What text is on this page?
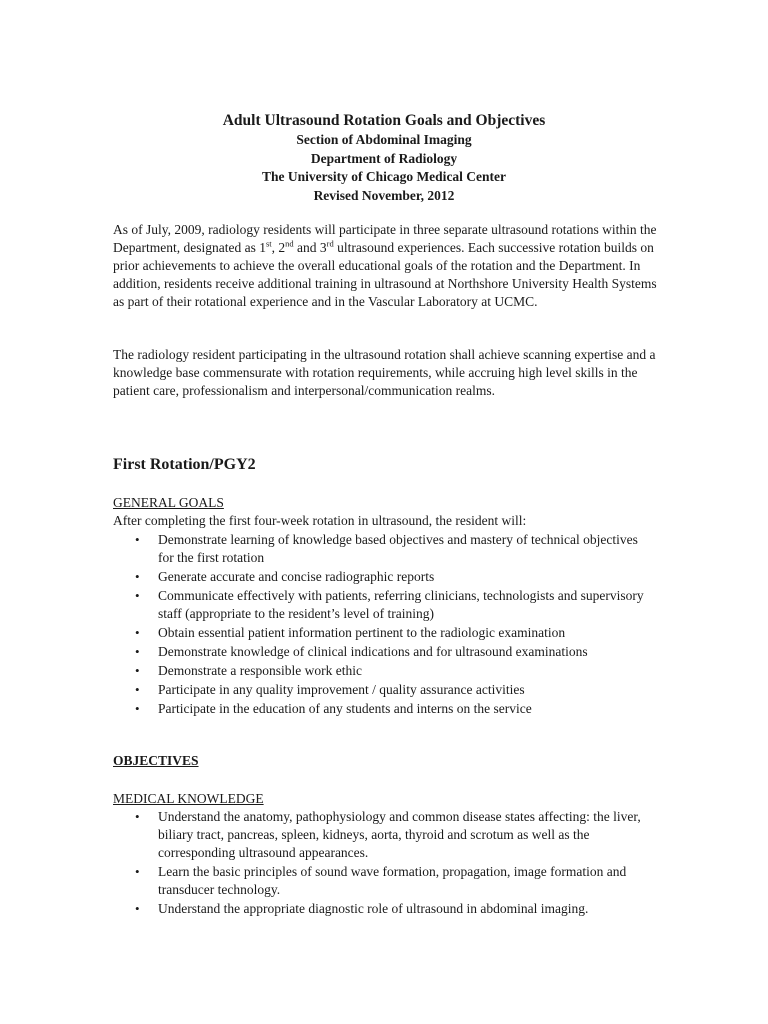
Adult Ultrasound Rotation Goals and Objectives

Section of Abdominal Imaging

Department of Radiology

The University of Chicago Medical Center

Revised November, 2012

As of July, 2009, radiology residents will participate in three separate ultrasound rotations within the Department, designated as 1st, 2nd and 3rd ultrasound experiences. Each successive rotation builds on prior achievements to achieve the overall educational goals of the rotation and the Department. In addition, residents receive additional training in ultrasound at Northshore University Health Systems as part of their rotational experience and in the Vascular Laboratory at UCMC.

The radiology resident participating in the ultrasound rotation shall achieve scanning expertise and a knowledge base commensurate with rotation requirements, while accruing high level skills in the patient care, professionalism and interpersonal/communication realms.

First Rotation/PGY2

GENERAL GOALS

After completing the first four-week rotation in ultrasound, the resident will:

• Demonstrate learning of knowledge based objectives and mastery of technical objectives for the first rotation
• Generate accurate and concise radiographic reports
• Communicate effectively with patients, referring clinicians, technologists and supervisory staff (appropriate to the resident’s level of training)
• Obtain essential patient information pertinent to the radiologic examination
• Demonstrate knowledge of clinical indications and for ultrasound examinations
• Demonstrate a responsible work ethic
• Participate in any quality improvement / quality assurance activities
• Participate in the education of any students and interns on the service

OBJECTIVES

MEDICAL KNOWLEDGE

• Understand the anatomy, pathophysiology and common disease states affecting: the liver, biliary tract, pancreas, spleen, kidneys, aorta, thyroid and scrotum as well as the corresponding ultrasound appearances.
• Learn the basic principles of sound wave formation, propagation, image formation and transducer technology.
• Understand the appropriate diagnostic role of ultrasound in abdominal imaging.
